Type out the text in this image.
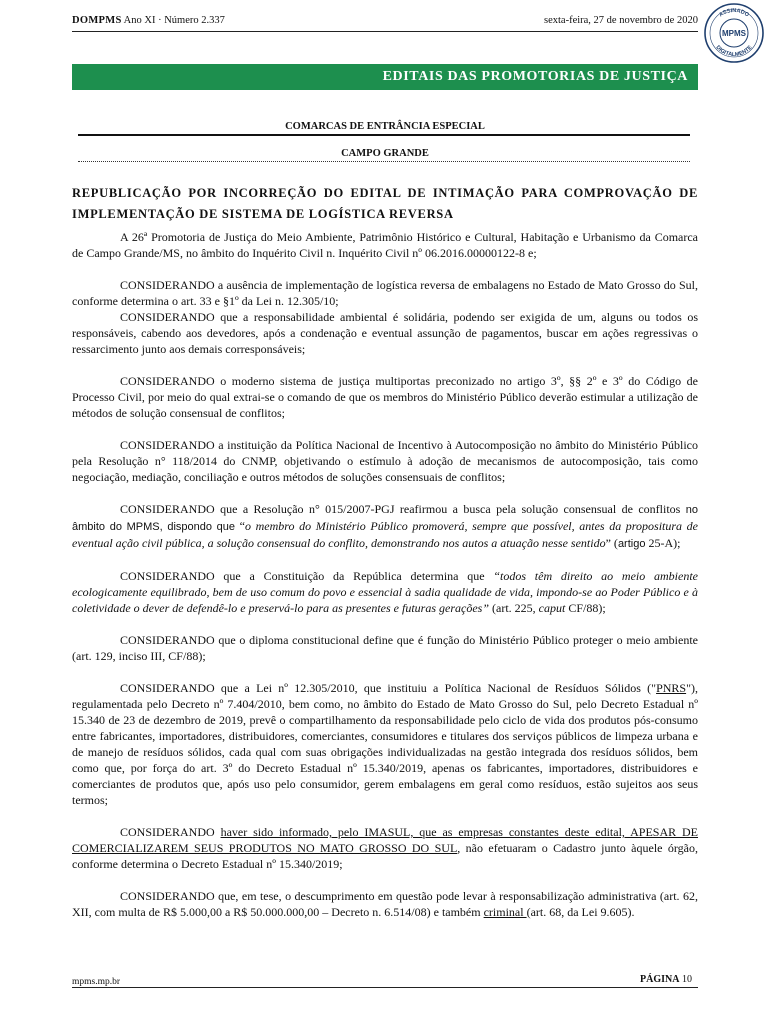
DOMPMS Ano XI · Número 2.337	sexta-feira, 27 de novembro de 2020
ASSINADO
DIGITALMENTE
MPMS
EDITAIS DAS PROMOTORIAS DE JUSTIÇA
COMARCAS DE ENTRÂNCIA ESPECIAL
CAMPO GRANDE
REPUBLICAÇÃO POR INCORREÇÃO DO EDITAL DE INTIMAÇÃO PARA COMPROVAÇÃO DE IMPLEMENTAÇÃO DE SISTEMA DE LOGÍSTICA REVERSA

A 26ª Promotoria de Justiça do Meio Ambiente, Patrimônio Histórico e Cultural, Habitação e Urbanismo da Comarca de Campo Grande/MS, no âmbito do Inquérito Civil n. Inquérito Civil nº 06.2016.00000122-8 e;

CONSIDERANDO a ausência de implementação de logística reversa de embalagens no Estado de Mato Grosso do Sul, conforme determina o art. 33 e §1º da Lei n. 12.305/10;

CONSIDERANDO que a responsabilidade ambiental é solidária, podendo ser exigida de um, alguns ou todos os responsáveis, cabendo aos devedores, após a condenação e eventual assunção de pagamentos, buscar em ações regressivas o ressarcimento junto aos demais corresponsáveis;

CONSIDERANDO o moderno sistema de justiça multiportas preconizado no artigo 3º, §§ 2º e 3º do Código de Processo Civil, por meio do qual extrai-se o comando de que os membros do Ministério Público deverão estimular a utilização de métodos de solução consensual de conflitos;

CONSIDERANDO a instituição da Política Nacional de Incentivo à Autocomposição no âmbito do Ministério Público pela Resolução n° 118/2014 do CNMP, objetivando o estímulo à adoção de mecanismos de autocomposição, tais como negociação, mediação, conciliação e outros métodos de soluções consensuais de conflitos;

CONSIDERANDO que a Resolução n° 015/2007-PGJ reafirmou a busca pela solução consensual de conflitos no âmbito do MPMS, dispondo que “o membro do Ministério Público promoverá, sempre que possível, antes da propositura de eventual ação civil pública, a solução consensual do conflito, demonstrando nos autos a atuação nesse sentido” (artigo 25-A);

CONSIDERANDO que a Constituição da República determina que “todos têm direito ao meio ambiente ecologicamente equilibrado, bem de uso comum do povo e essencial à sadia qualidade de vida, impondo-se ao Poder Público e à coletividade o dever de defendê-lo e preservá-lo para as presentes e futuras gerações” (art. 225, caput CF/88);

CONSIDERANDO que o diploma constitucional define que é função do Ministério Público proteger o meio ambiente (art. 129, inciso III, CF/88);

CONSIDERANDO que a Lei nº 12.305/2010, que instituiu a Política Nacional de Resíduos Sólidos ("PNRS"), regulamentada pelo Decreto nº 7.404/2010, bem como, no âmbito do Estado de Mato Grosso do Sul, pelo Decreto Estadual nº 15.340 de 23 de dezembro de 2019, prevê o compartilhamento da responsabilidade pelo ciclo de vida dos produtos pós-consumo entre fabricantes, importadores, distribuidores, comerciantes, consumidores e titulares dos serviços públicos de limpeza urbana e de manejo de resíduos sólidos, cada qual com suas obrigações individualizadas na gestão integrada dos resíduos sólidos, bem como que, por força do art. 3º do Decreto Estadual nº 15.340/2019, apenas os fabricantes, importadores, distribuidores e comerciantes de produtos que, após uso pelo consumidor, gerem embalagens em geral como resíduos, estão sujeitos aos seus termos;

CONSIDERANDO haver sido informado, pelo IMASUL, que as empresas constantes deste edital, APESAR DE COMERCIALIZAREM SEUS PRODUTOS NO MATO GROSSO DO SUL, não efetuaram o Cadastro junto àquele órgão, conforme determina o Decreto Estadual nº 15.340/2019;

CONSIDERANDO que, em tese, o descumprimento em questão pode levar à responsabilização administrativa (art. 62, XII, com multa de R$ 5.000,00 a R$ 50.000.000,00 – Decreto n. 6.514/08) e também criminal (art. 68, da Lei 9.605).

mpms.mp.br	PÁGINA 10
